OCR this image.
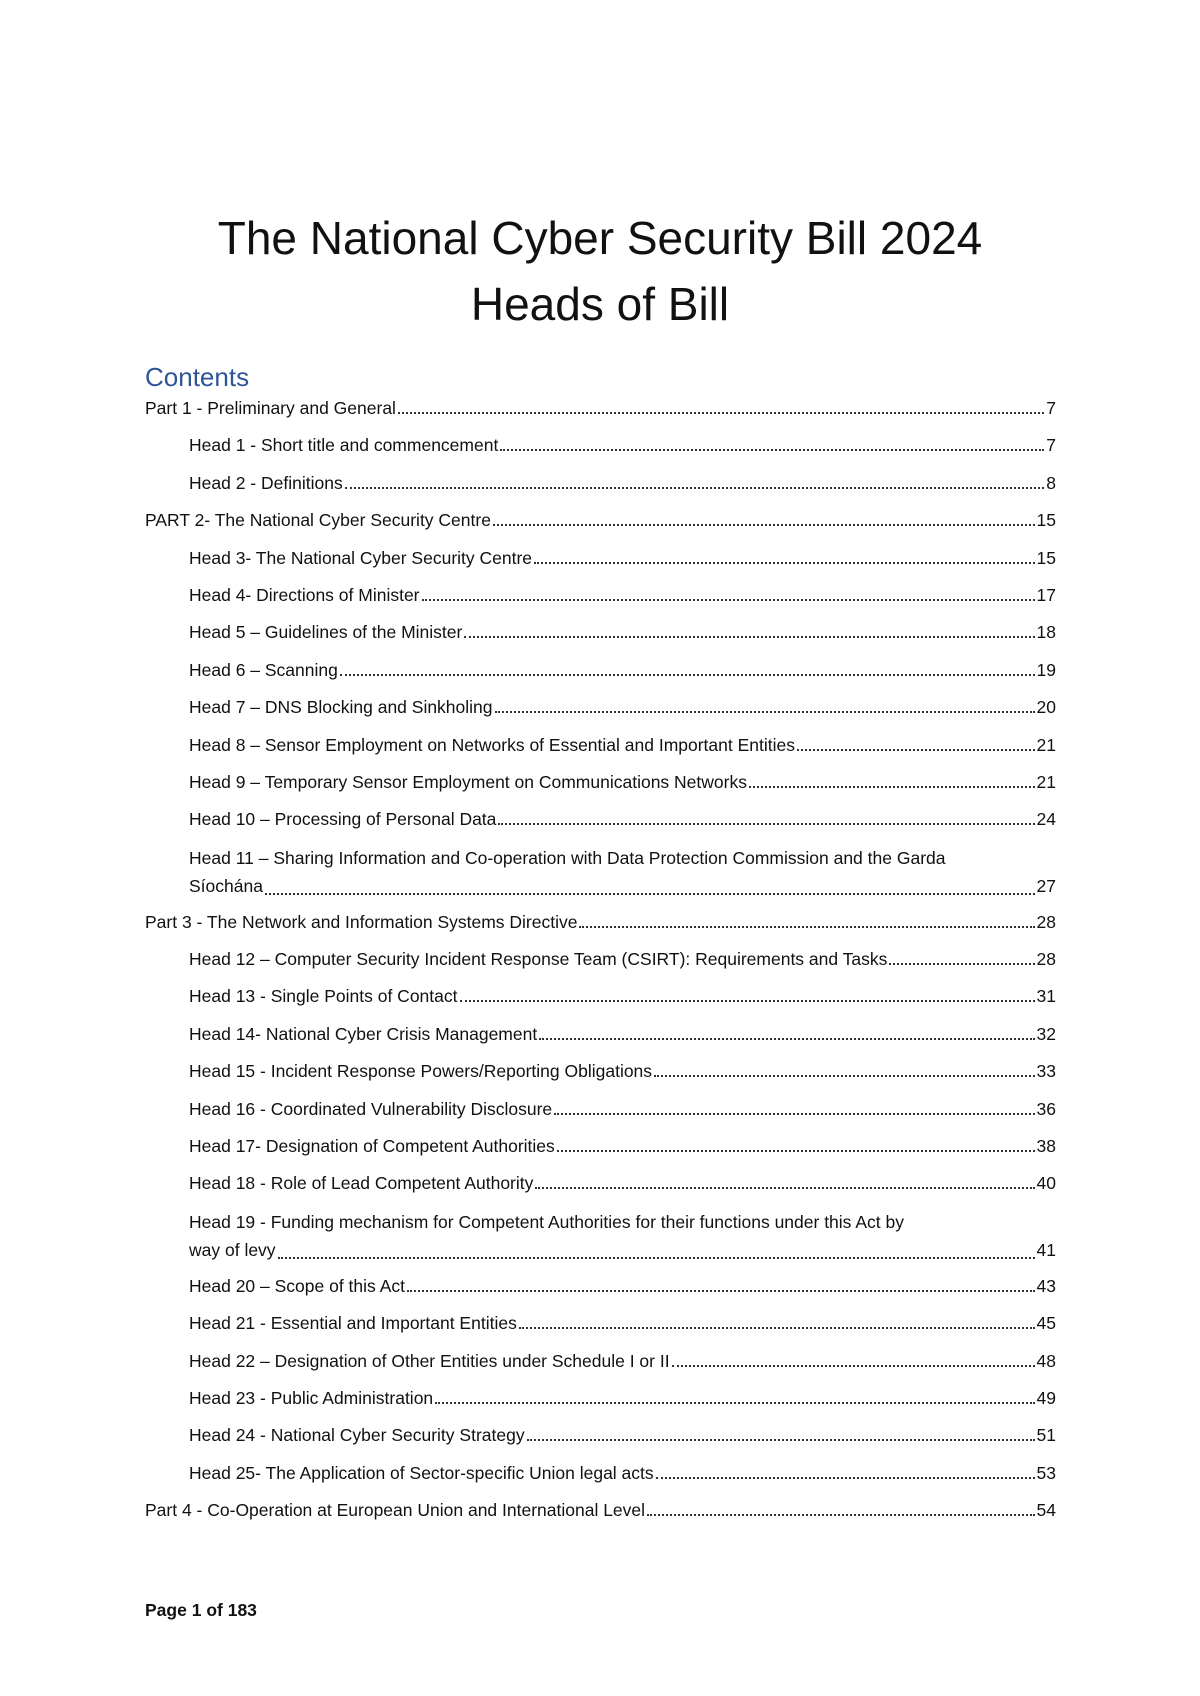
The National Cyber Security Bill 2024
Heads of Bill
Contents
Part 1 - Preliminary and General	7
Head 1 - Short title and commencement	7
Head 2 - Definitions	8
PART 2- The National Cyber Security Centre	15
Head 3- The National Cyber Security Centre	15
Head 4- Directions of Minister	17
Head 5 – Guidelines of the Minister	18
Head 6 – Scanning	19
Head 7 – DNS Blocking and Sinkholing	20
Head 8 – Sensor Employment on Networks of Essential and Important Entities	21
Head 9 – Temporary Sensor Employment on Communications Networks	21
Head 10 – Processing of Personal Data	24
Head 11 – Sharing Information and Co-operation with Data Protection Commission and the Garda
Síochána	27
Part 3 - The Network and Information Systems Directive	28
Head 12 – Computer Security Incident Response Team (CSIRT): Requirements and Tasks	28
Head 13 - Single Points of Contact	31
Head 14- National Cyber Crisis Management	32
Head 15 - Incident Response Powers/Reporting Obligations	33
Head 16 - Coordinated Vulnerability Disclosure	36
Head 17- Designation of Competent Authorities	38
Head 18 - Role of Lead Competent Authority	40
Head 19 - Funding mechanism for Competent Authorities for their functions under this Act by
way of levy	41
Head 20 – Scope of this Act	43
Head 21 - Essential and Important Entities	45
Head 22 – Designation of Other Entities under Schedule I or II	48
Head 23 - Public Administration	49
Head 24 - National Cyber Security Strategy	51
Head 25- The Application of Sector-specific Union legal acts	53
Part 4 - Co-Operation at European Union and International Level	54
Page 1 of 183
